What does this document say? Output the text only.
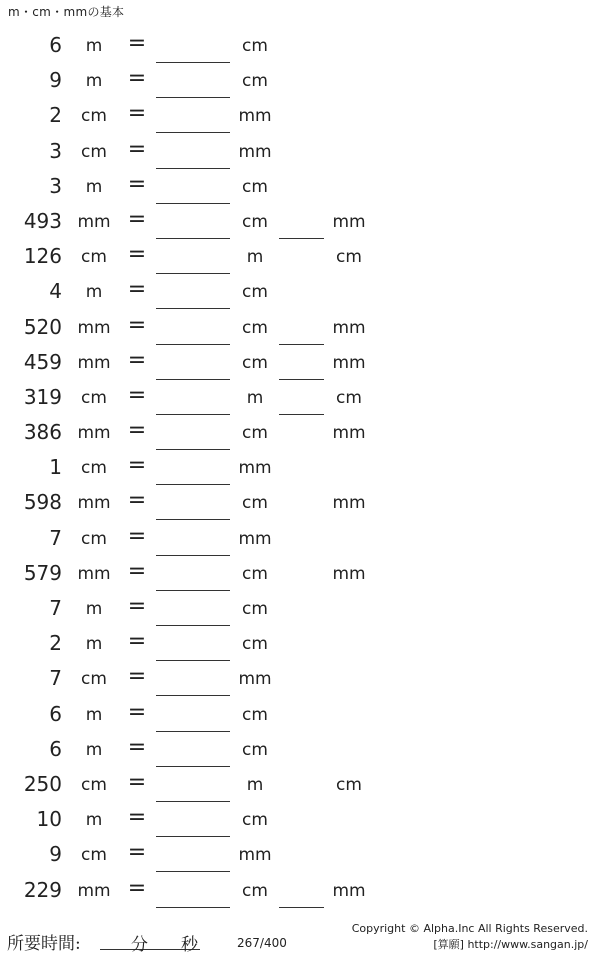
m・cm・mmの基本
6	m	=	cm
9	m	=	cm
2 cm =	mm
3 cm =	mm
3	m	=	cm
493 mm =	cm	mm
126 cm =	m	cm
4	m	=	cm
520 mm =	cm	mm
459 mm =	cm	mm
319 cm =	m	cm
386 mm =	cm	mm
1 cm =	mm
598 mm =	cm	mm
7 cm =	mm
579 mm =	cm	mm
7	m	=	cm
2	m	=	cm
7 cm =	mm
6	m	=	cm
6	m	=	cm
250 cm =	m	cm
10	m	=	cm
9 cm =	mm
229 mm =	cm	mm
所要時間:	分 秒	267/400
Copyright © Alpha.Inc All Rights Reserved.
[算願] http://www.sangan.jp/
